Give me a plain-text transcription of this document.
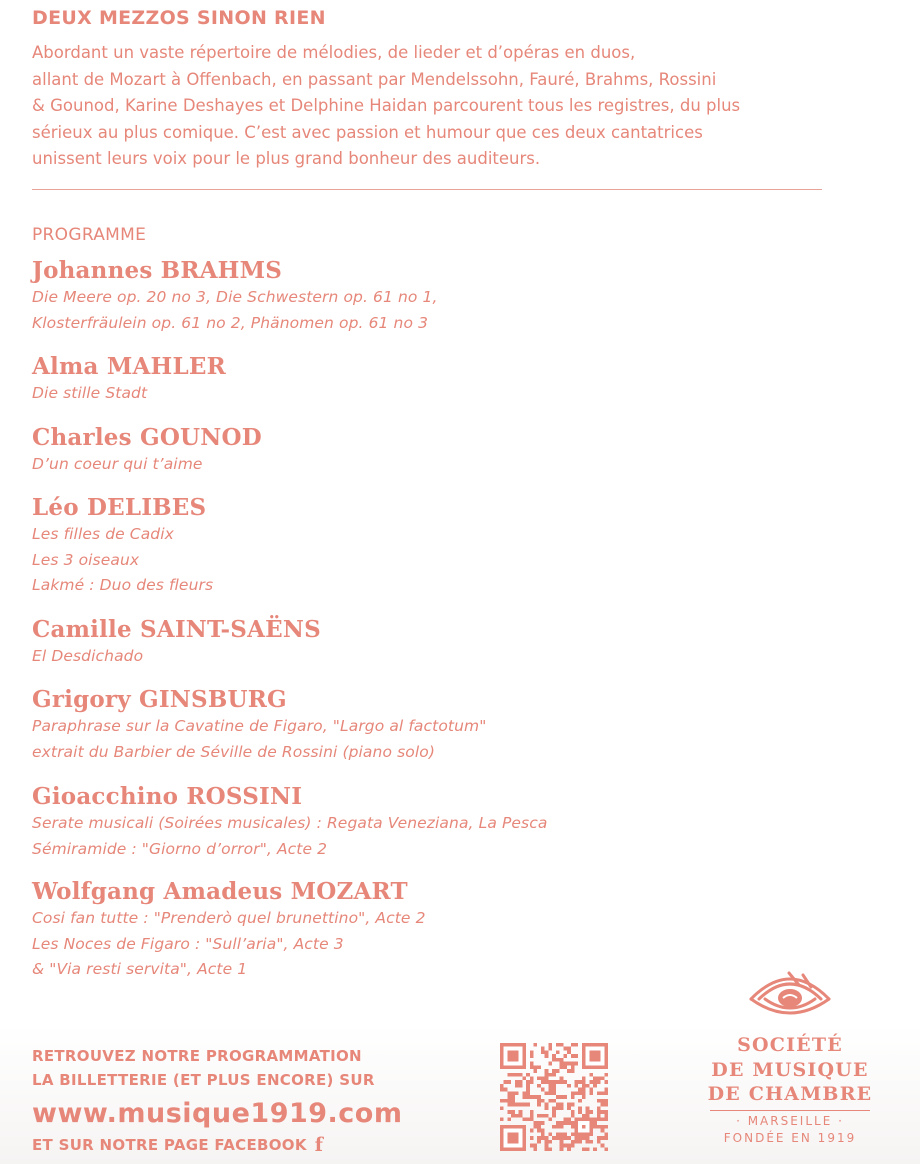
DEUX MEZZOS SINON RIEN
Abordant un vaste répertoire de mélodies, de lieder et d’opéras en duos,
allant de Mozart à Offenbach, en passant par Mendelssohn, Fauré, Brahms, Rossini
& Gounod, Karine Deshayes et Delphine Haidan parcourent tous les registres, du plus
sérieux au plus comique. C’est avec passion et humour que ces deux cantatrices
unissent leurs voix pour le plus grand bonheur des auditeurs.
PROGRAMME
Johannes BRAHMS
Die Meere op. 20 no 3, Die Schwestern op. 61 no 1,
Klosterfräulein op. 61 no 2, Phänomen op. 61 no 3
Alma MAHLER
Die stille Stadt
Charles GOUNOD
D’un coeur qui t’aime
Léo DELIBES
Les filles de Cadix
Les 3 oiseaux
Lakmé : Duo des fleurs
Camille SAINT-SAËNS
El Desdichado
Grigory GINSBURG
Paraphrase sur la Cavatine de Figaro, "Largo al factotum"
extrait du Barbier de Séville de Rossini (piano solo)
Gioacchino ROSSINI
Serate musicali (Soirées musicales) : Regata Veneziana, La Pesca
Sémiramide : "Giorno d’orror", Acte 2
Wolfgang Amadeus MOZART
Cosi fan tutte : "Prenderò quel brunettino", Acte 2
Les Noces de Figaro : "Sull’aria", Acte 3
& "Via resti servita", Acte 1
RETROUVEZ NOTRE PROGRAMMATION
LA BILLETTERIE (ET PLUS ENCORE) SUR
www.musique1919.com
ET SUR NOTRE PAGE FACEBOOK f
SOCIÉTÉ
DE MUSIQUE
DE CHAMBRE
· MARSEILLE ·
FONDÉE EN 1919
